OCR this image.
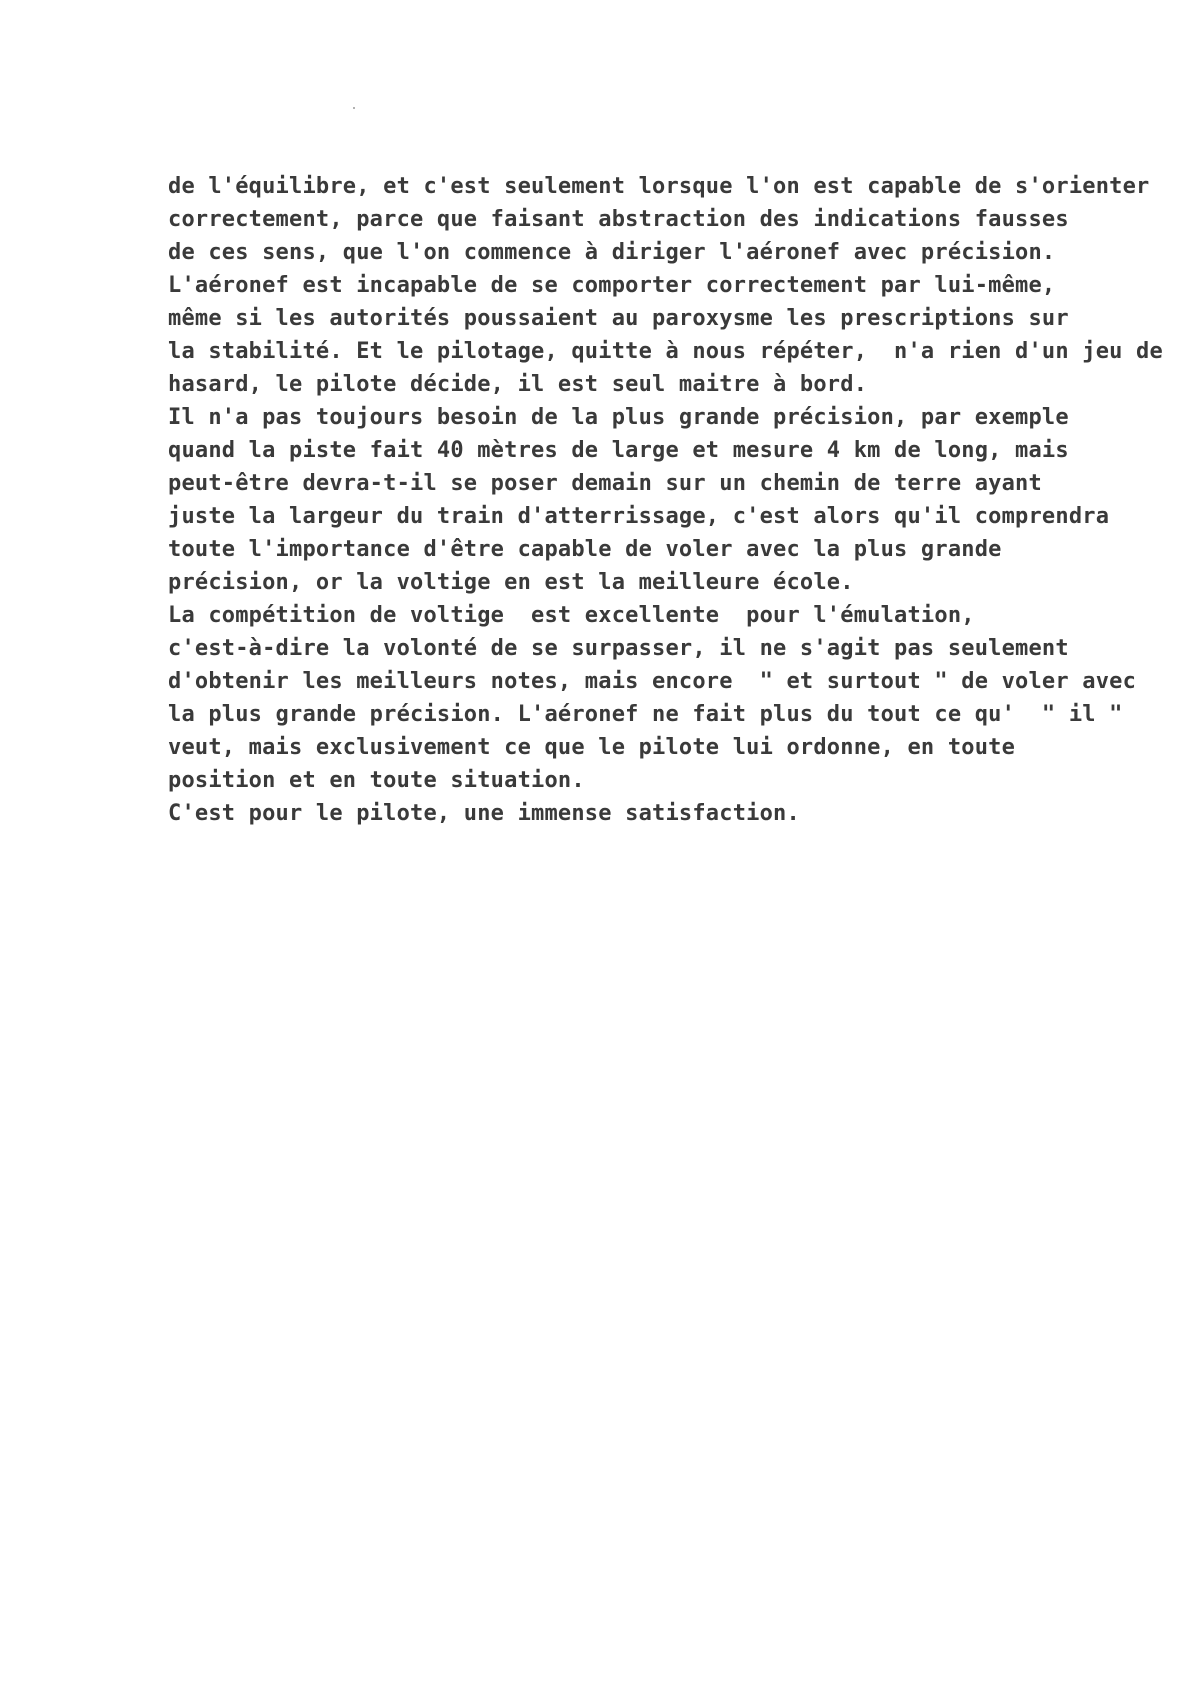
de l'équilibre, et c'est seulement lorsque l'on est capable de s'orienter
correctement, parce que faisant abstraction des indications fausses
de ces sens, que l'on commence à diriger l'aéronef avec précision.
L'aéronef est incapable de se comporter correctement par lui-même,
même si les autorités poussaient au paroxysme les prescriptions sur
la stabilité. Et le pilotage, quitte à nous répéter,  n'a rien d'un jeu de
hasard, le pilote décide, il est seul maitre à bord.
Il n'a pas toujours besoin de la plus grande précision, par exemple
quand la piste fait 40 mètres de large et mesure 4 km de long, mais
peut-être devra-t-il se poser demain sur un chemin de terre ayant
juste la largeur du train d'atterrissage, c'est alors qu'il comprendra
toute l'importance d'être capable de voler avec la plus grande
précision, or la voltige en est la meilleure école.
La compétition de voltige  est excellente  pour l'émulation,
c'est-à-dire la volonté de se surpasser, il ne s'agit pas seulement
d'obtenir les meilleurs notes, mais encore  " et surtout " de voler avec
la plus grande précision. L'aéronef ne fait plus du tout ce qu'  " il "
veut, mais exclusivement ce que le pilote lui ordonne, en toute
position et en toute situation.
C'est pour le pilote, une immense satisfaction.
